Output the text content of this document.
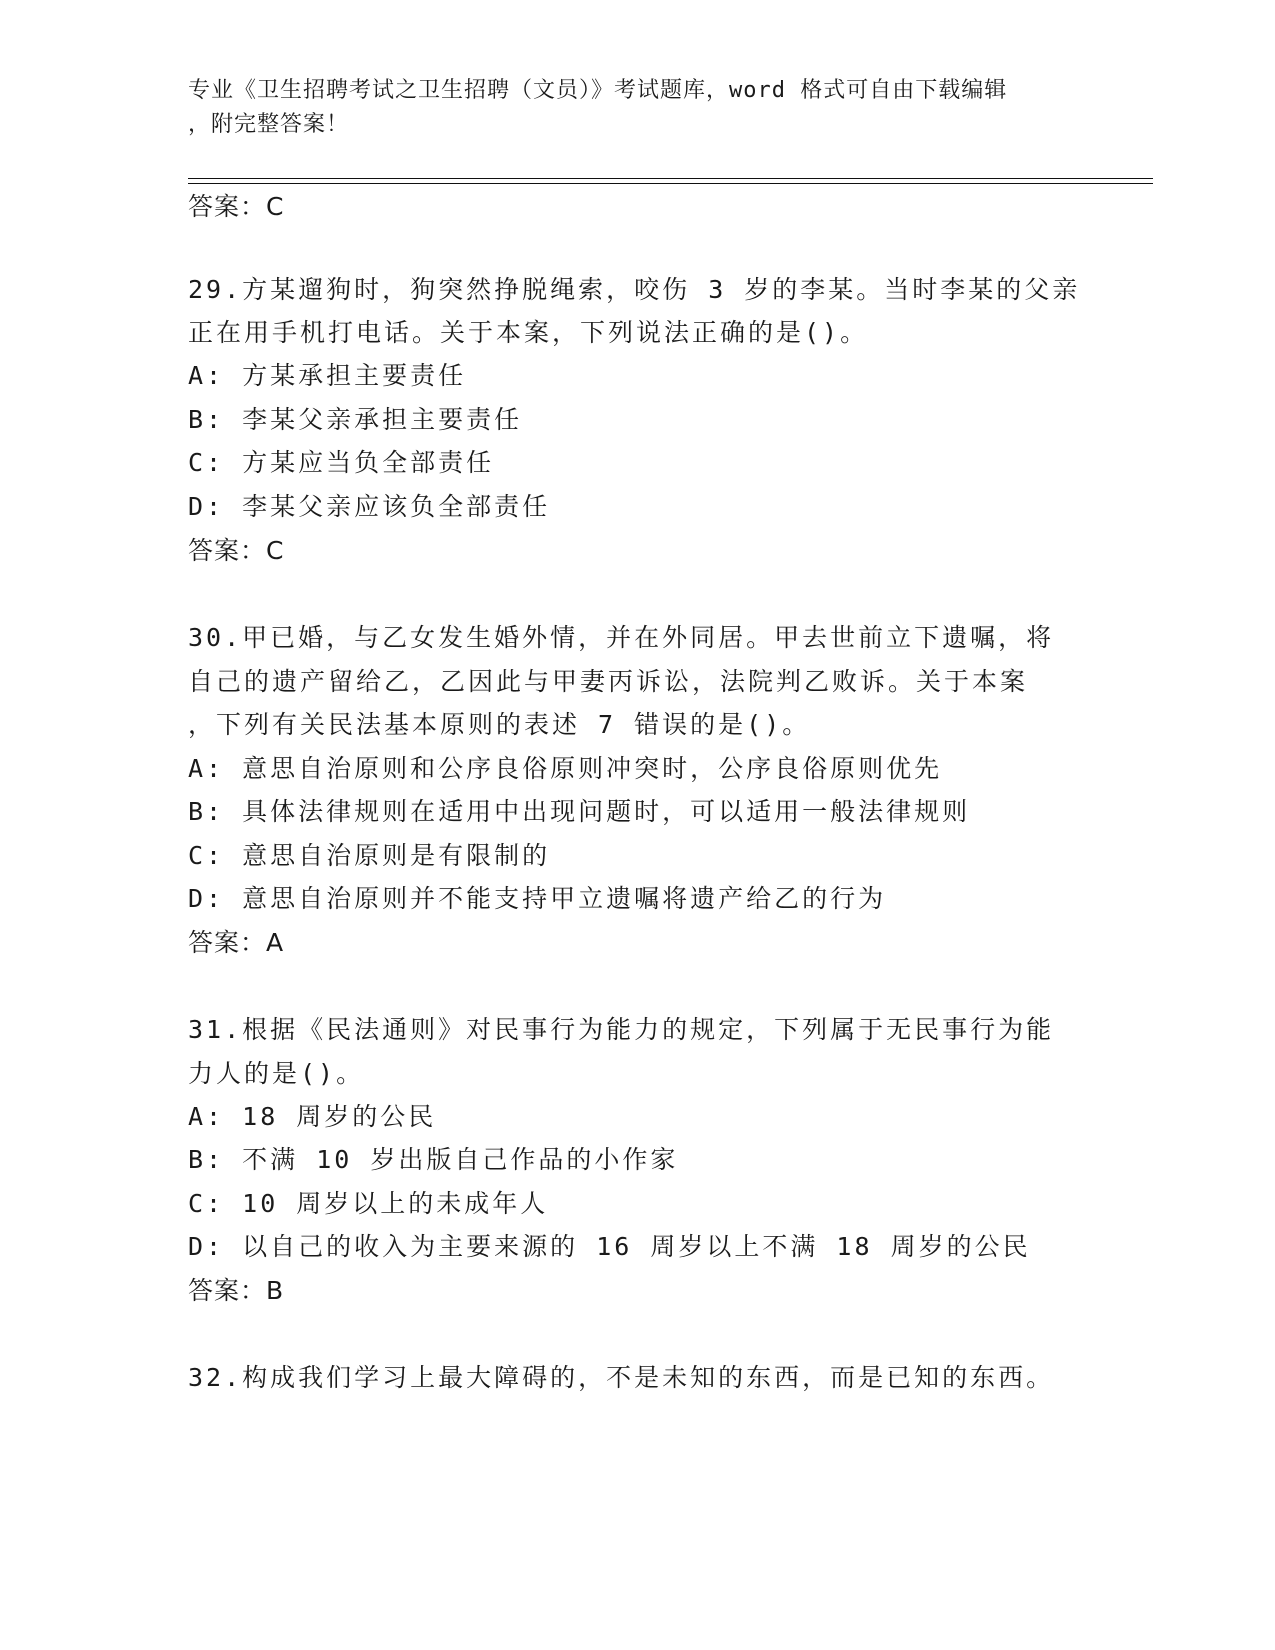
专业《卫生招聘考试之卫生招聘（文员）》考试题库，word 格式可自由下载编辑
，附完整答案！
答案：C
29.方某遛狗时，狗突然挣脱绳索，咬伤 3 岁的李某。当时李某的父亲
正在用手机打电话。关于本案，下列说法正确的是()。
A: 方某承担主要责任
B: 李某父亲承担主要责任
C: 方某应当负全部责任
D: 李某父亲应该负全部责任
答案：C
30.甲已婚，与乙女发生婚外情，并在外同居。甲去世前立下遗嘱，将
自己的遗产留给乙，乙因此与甲妻丙诉讼，法院判乙败诉。关于本案
，下列有关民法基本原则的表述 7 错误的是()。
A: 意思自治原则和公序良俗原则冲突时，公序良俗原则优先
B: 具体法律规则在适用中出现问题时，可以适用一般法律规则
C: 意思自治原则是有限制的
D: 意思自治原则并不能支持甲立遗嘱将遗产给乙的行为
答案：A
31.根据《民法通则》对民事行为能力的规定，下列属于无民事行为能
力人的是()。
A: 18 周岁的公民
B: 不满 10 岁出版自己作品的小作家
C: 10 周岁以上的未成年人
D: 以自己的收入为主要来源的 16 周岁以上不满 18 周岁的公民
答案：B
32.构成我们学习上最大障碍的，不是未知的东西，而是已知的东西。
